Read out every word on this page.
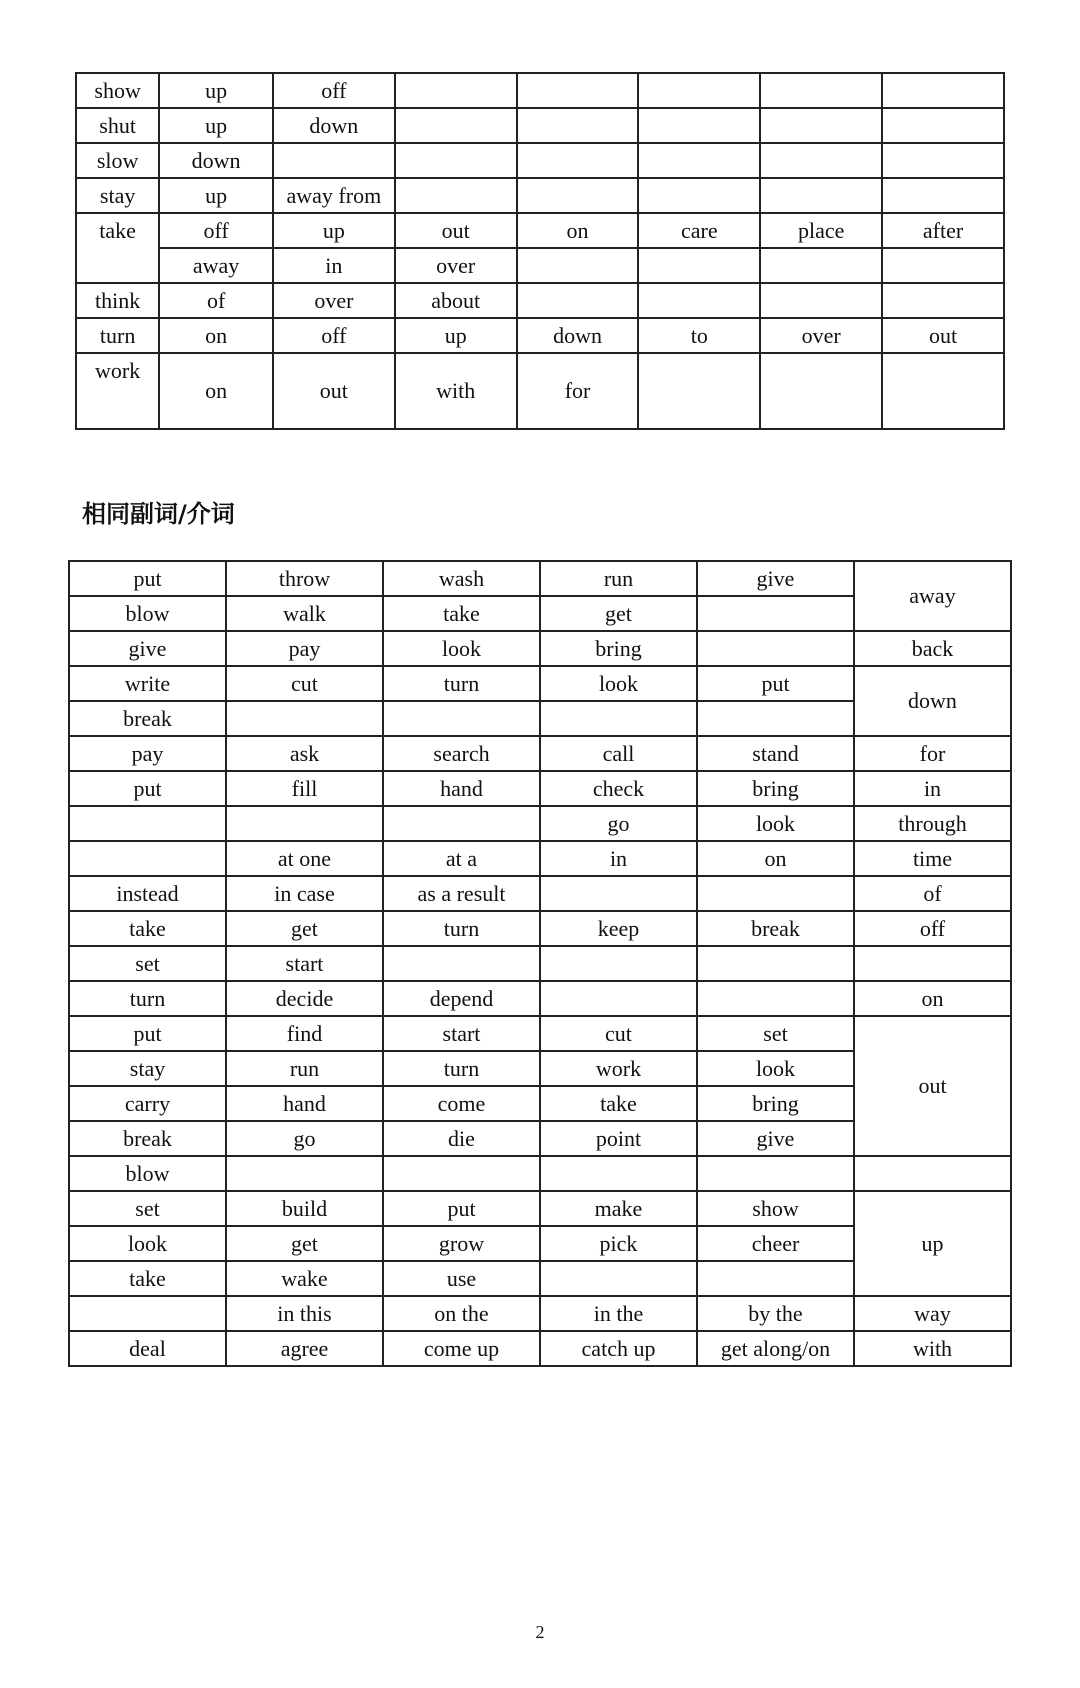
show	up	off					
shut	up	down					
slow	down						
stay	up	away from					
take	off	up	out	on	care	place	after
	away	in	over				
think	of	over	about				
turn	on	off	up	down	to	over	out
work	on	out	with	for			
相同副词/介词
put	throw	wash	run	give	away
blow	walk	take	get		
give	pay	look	bring		back
write	cut	turn	look	put	down
break					
pay	ask	search	call	stand	for
put	fill	hand	check	bring	in
			go	look	through
	at one	at a	in	on	time
instead	in case	as a result			of
take	get	turn	keep	break	off
set	start				
turn	decide	depend			on
put	find	start	cut	set	out
stay	run	turn	work	look	
carry	hand	come	take	bring	
break	go	die	point	give	
blow					
set	build	put	make	show	up
look	get	grow	pick	cheer	
take	wake	use			
	in this	on the	in the	by the	way
deal	agree	come up	catch up	get along/on	with
2
